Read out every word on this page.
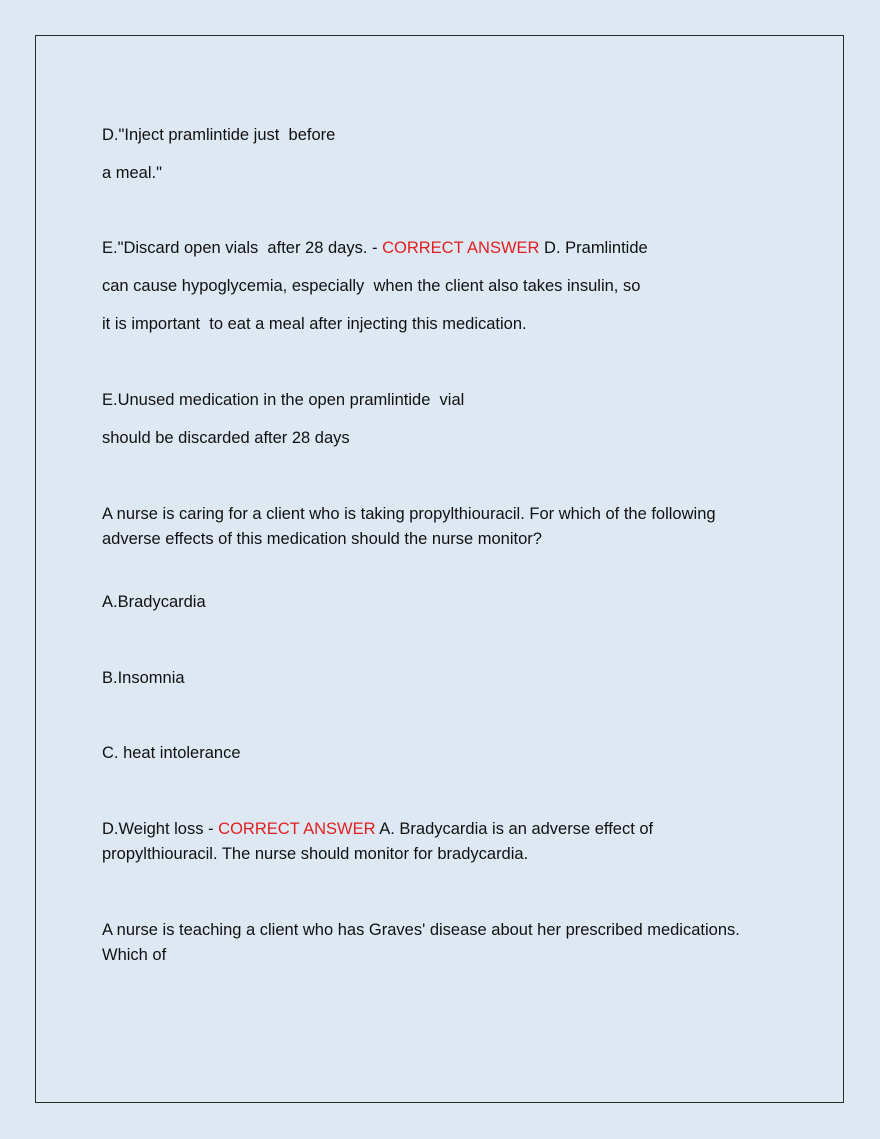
D."Inject pramlintide just  before

a meal."

E."Discard open vials  after 28 days. - CORRECT ANSWER D. Pramlintide

can cause hypoglycemia, especially  when the client also takes insulin, so

it is important  to eat a meal after injecting this medication.

E.Unused medication in the open pramlintide  vial

should be discarded after 28 days

A nurse is caring for a client who is taking propylthiouracil. For which of the following

adverse effects of this medication should the nurse monitor?

A.Bradycardia

B.Insomnia

C. heat intolerance

D.Weight loss - CORRECT ANSWER A. Bradycardia is an adverse effect of

propylthiouracil. The nurse should monitor for bradycardia.

A nurse is teaching a client who has Graves' disease about her prescribed medications.

Which of
